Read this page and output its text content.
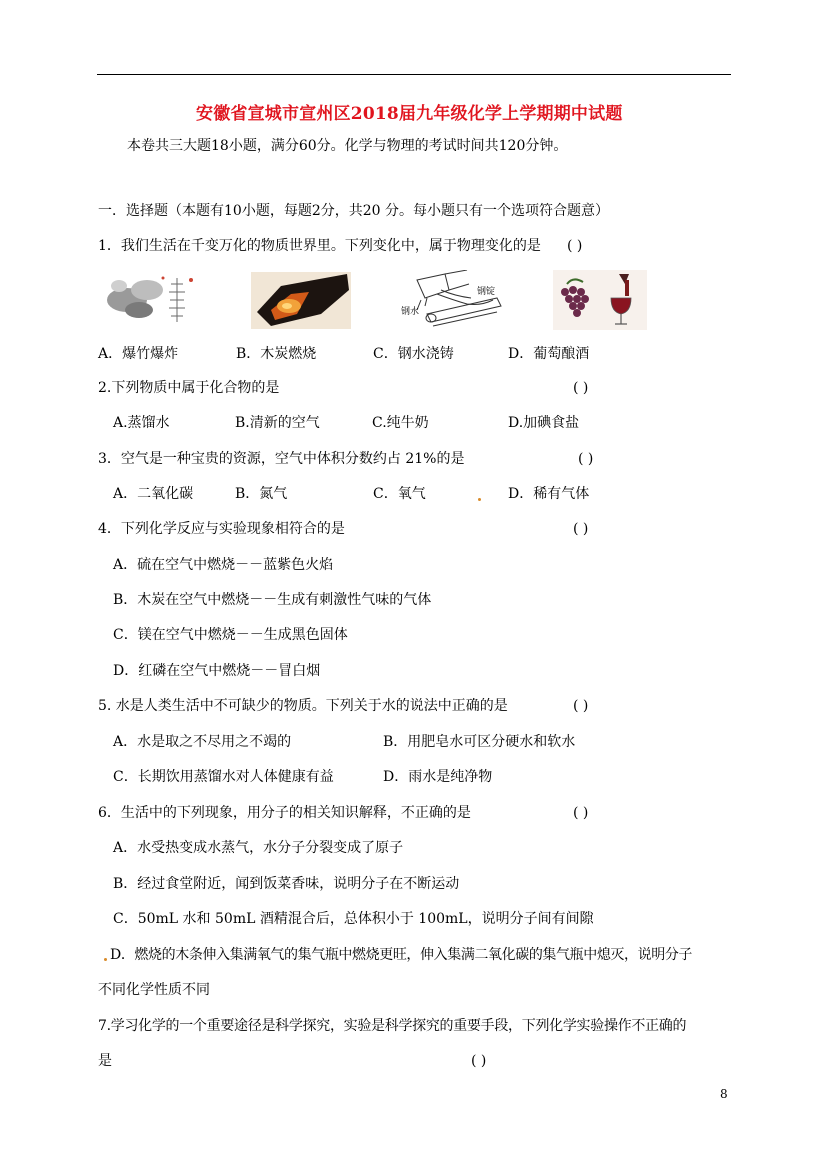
安徽省宣城市宣州区2018届九年级化学上学期期中试题
本卷共三大题18小题，满分60分。化学与物理的考试时间共120分钟。
一．选择题（本题有10小题，每题2分，共20 分。每小题只有一个选项符合题意）
1．我们生活在千变万化的物质世界里。下列变化中，属于物理变化的是 ( )
钢水
钢锭
A．爆竹爆炸	B．木炭燃烧	C．钢水浇铸	D．葡萄酿酒
2.下列物质中属于化合物的是	( )
A.蒸馏水	B.清新的空气	C.纯牛奶	D.加碘食盐
3．空气是一种宝贵的资源，空气中体积分数约占 21%的是	( )
A．二氧化碳	B．氮气	C．氧气	D．稀有气体
4．下列化学反应与实验现象相符合的是	( )
A．硫在空气中燃烧－－蓝紫色火焰
B．木炭在空气中燃烧－－生成有刺激性气味的气体
C．镁在空气中燃烧－－生成黑色固体
D．红磷在空气中燃烧－－冒白烟
5. 水是人类生活中不可缺少的物质。下列关于水的说法中正确的是	( )
A．水是取之不尽用之不竭的	B．用肥皂水可区分硬水和软水
C．长期饮用蒸馏水对人体健康有益	D．雨水是纯净物
6．生活中的下列现象，用分子的相关知识解释，不正确的是	( )
A．水受热变成水蒸气，水分子分裂变成了原子
B．经过食堂附近，闻到饭菜香味，说明分子在不断运动
C．50mL 水和 50mL 酒精混合后，总体积小于 100mL，说明分子间有间隙
D．燃烧的木条伸入集满氧气的集气瓶中燃烧更旺，伸入集满二氧化碳的集气瓶中熄灭，说明分子
不同化学性质不同
7.学习化学的一个重要途径是科学探究，实验是科学探究的重要手段，下列化学实验操作不正确的
是	( )
8
